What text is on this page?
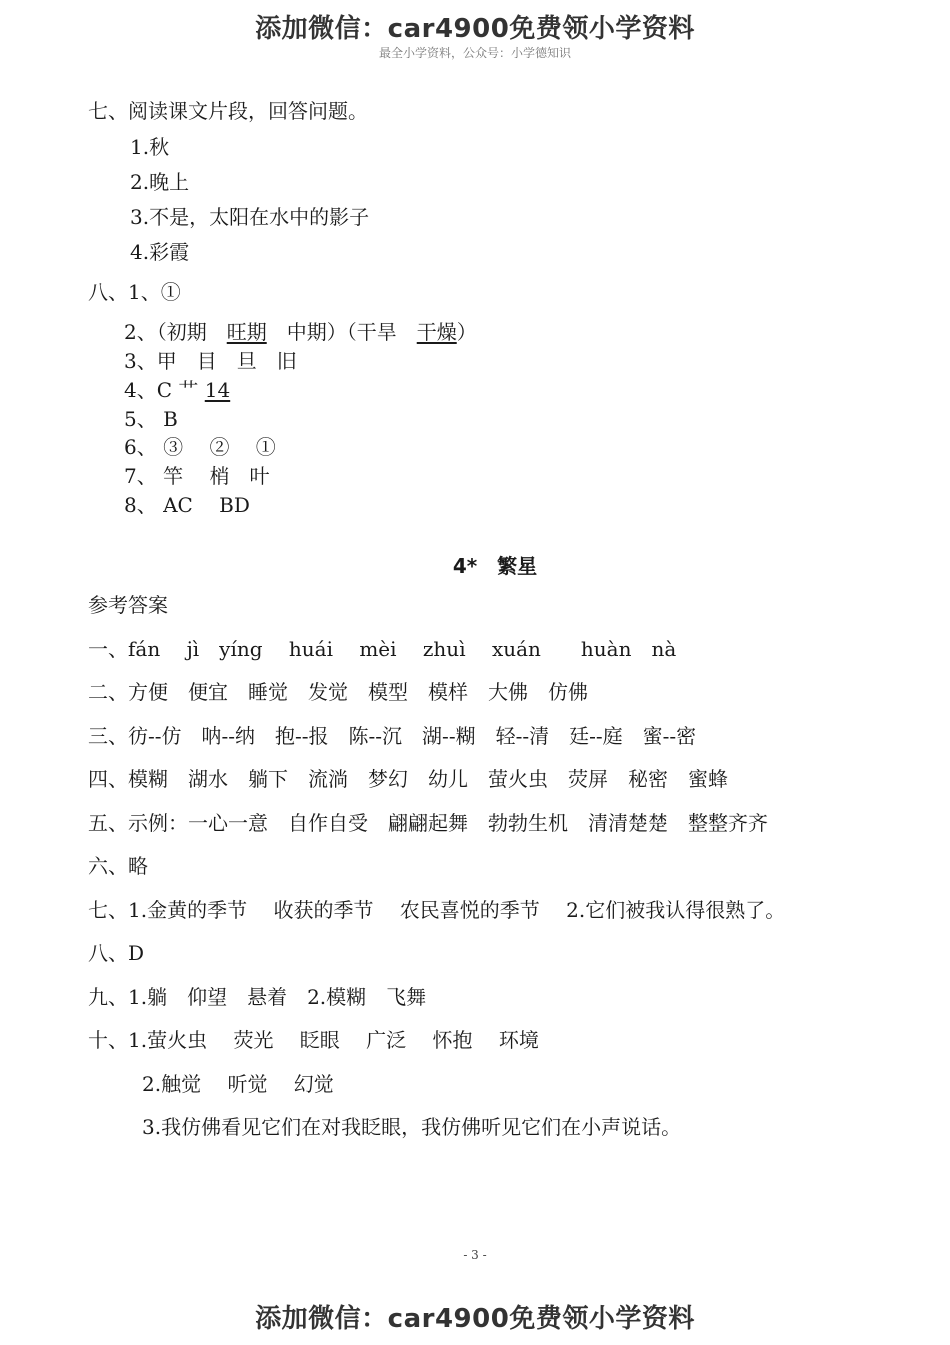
添加微信：car4900免费领小学资料
最全小学资料，公众号：小学德知识
七、阅读课文片段，回答问题。
1.秋
2.晚上
3.不是，太阳在水中的影子
4.彩霞
八、1、①
2、（初期　旺期　中期）（干旱　干燥）
3、甲　目　旦　旧
4、C 艹 14
5、 B
6、 ③　 ②　 ①
7、 竿　 梢　叶
8、 AC　 BD
4*　繁星
参考答案
一、fán　 jì　yíng　 huái　 mèi　 zhuì　 xuán　　huàn　nà
二、方便　便宜　睡觉　发觉　模型　模样　大佛　仿佛
三、彷--仿　呐--纳　抱--报　陈--沉　湖--糊　轻--清　廷--庭　蜜--密
四、模糊　湖水　躺下　流淌　梦幻　幼儿　萤火虫　荧屏　秘密　蜜蜂
五、示例：一心一意　自作自受　翩翩起舞　勃勃生机　清清楚楚　整整齐齐
六、略
七、1.金黄的季节　 收获的季节　 农民喜悦的季节　 2.它们被我认得很熟了。
八、D
九、1.躺　仰望　悬着　2.模糊　飞舞
十、1.萤火虫　 荧光　 眨眼　 广泛　 怀抱　 环境
2.触觉　 听觉　 幻觉
3.我仿佛看见它们在对我眨眼，我仿佛听见它们在小声说话。
- 3 -
添加微信：car4900免费领小学资料
